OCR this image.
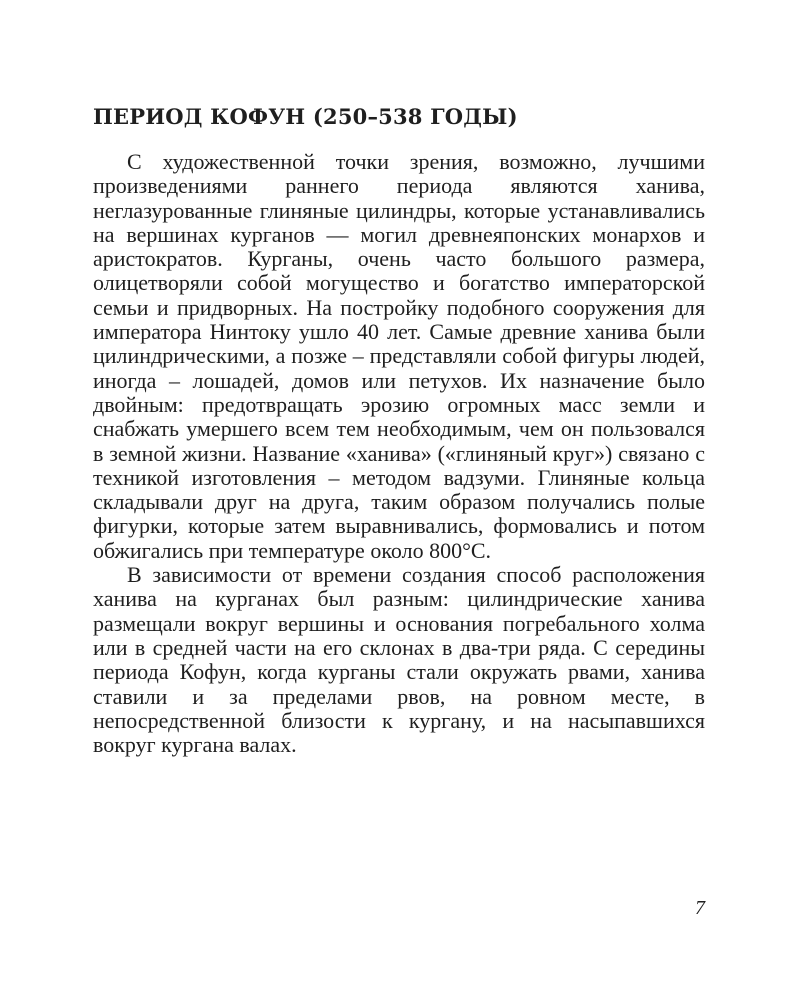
ПЕРИОД КОФУН (250–538 ГОДЫ)

С художественной точки зрения, возможно, лучшими произведениями раннего периода являются ханива, неглазурованные глиняные цилиндры, которые устанавливались на вершинах курганов — могил древнеяпонских монархов и аристократов. Курганы, очень часто большого размера, олицетворяли собой могущество и богатство императорской семьи и придворных. На постройку подобного сооружения для императора Нинтоку ушло 40 лет. Самые древние ханива были цилиндрическими, а позже – представляли собой фигуры людей, иногда – лошадей, домов или петухов. Их назначение было двойным: предотвращать эрозию огромных масс земли и снабжать умершего всем тем необходимым, чем он пользовался в земной жизни. Название «ханива» («глиняный круг») связано с техникой изготовления – методом вадзуми. Глиняные кольца складывали друг на друга, таким образом получались полые фигурки, которые затем выравнивались, формовались и потом обжигались при температуре около 800°С.

В зависимости от времени создания способ расположения ханива на курганах был разным: цилиндрические ханива размещали вокруг вершины и основания погребального холма или в средней части на его склонах в два-три ряда. С середины периода Кофун, когда курганы стали окружать рвами, ханива ставили и за пределами рвов, на ровном месте, в непосредственной близости к кургану, и на насыпавшихся вокруг кургана валах.

7
